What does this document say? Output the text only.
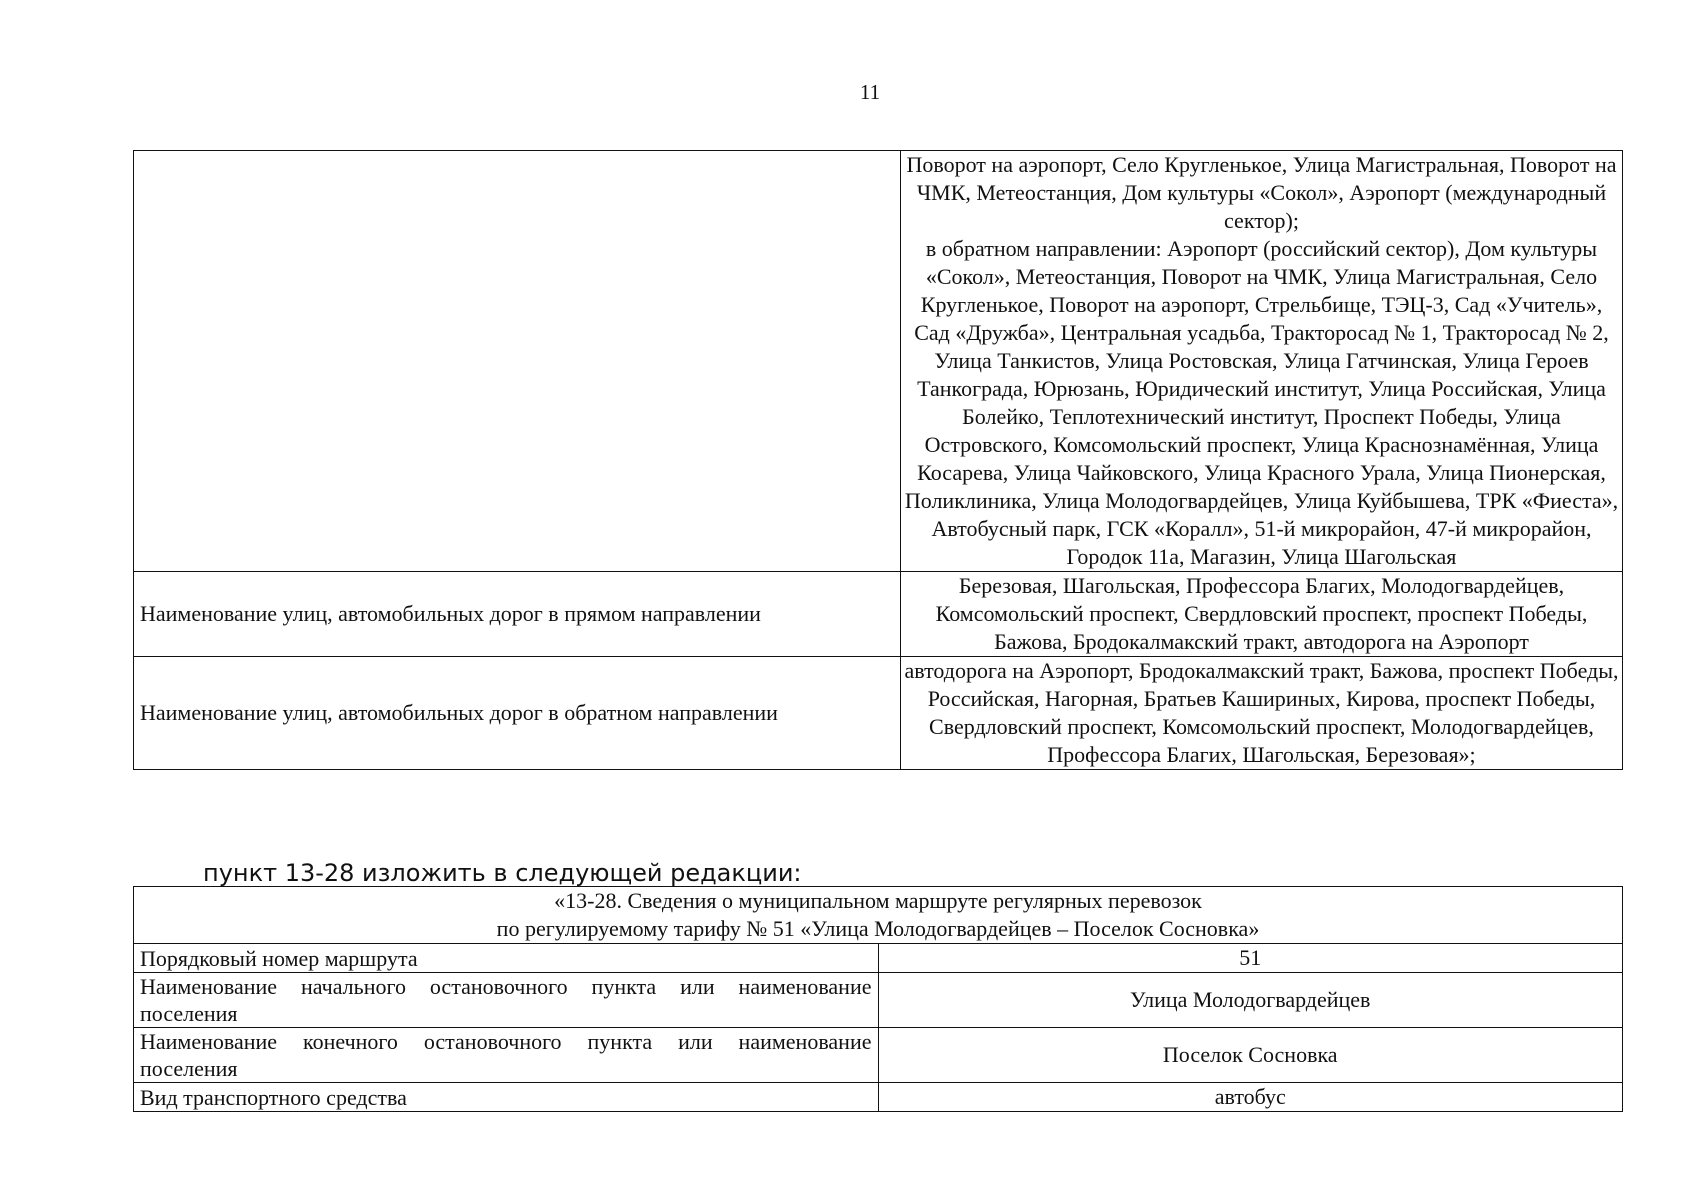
11
	Поворот на аэропорт, Село Кругленькое, Улица Магистральная, Поворот на ЧМК, Метеостанция, Дом культуры «Сокол», Аэропорт (международный сектор);
в обратном направлении: Аэропорт (российский сектор), Дом культуры «Сокол», Метеостанция, Поворот на ЧМК, Улица Магистральная, Село Кругленькое, Поворот на аэропорт, Стрельбище, ТЭЦ-3, Сад «Учитель», Сад «Дружба», Центральная усадьба, Тракторосад № 1, Тракторосад № 2, Улица Танкистов, Улица Ростовская, Улица Гатчинская, Улица Героев Танкограда, Юрюзань, Юридический институт, Улица Российская, Улица Болейко, Теплотехнический институт, Проспект Победы, Улица Островского, Комсомольский проспект, Улица Краснознамённая, Улица Косарева, Улица Чайковского, Улица Красного Урала, Улица Пионерская, Поликлиника, Улица Молодогвардейцев, Улица Куйбышева, ТРК «Фиеста», Автобусный парк, ГСК «Коралл», 51-й микрорайон, 47-й микрорайон, Городок 11а, Магазин, Улица Шагольская
Наименование улиц, автомобильных дорог в прямом направлении	Березовая, Шагольская, Профессора Благих, Молодогвардейцев, Комсомольский проспект, Свердловский проспект, проспект Победы, Бажова, Бродокалмакский тракт, автодорога на Аэропорт
Наименование улиц, автомобильных дорог в обратном направлении	автодорога на Аэропорт, Бродокалмакский тракт, Бажова, проспект Победы, Российская, Нагорная, Братьев Кашириных, Кирова, проспект Победы, Свердловский проспект, Комсомольский проспект, Молодогвардейцев, Профессора Благих, Шагольская, Березовая»;
пункт 13-28 изложить в следующей редакции:
«13-28. Сведения о муниципальном маршруте регулярных перевозок
по регулируемому тарифу № 51 «Улица Молодогвардейцев – Поселок Сосновка»	

Порядковый номер маршрута	51
Наименование начального остановочного пункта или наименование поселения	Улица Молодогвардейцев
Наименование конечного остановочного пункта или наименование поселения	Поселок Сосновка
Вид транспортного средства	автобус
